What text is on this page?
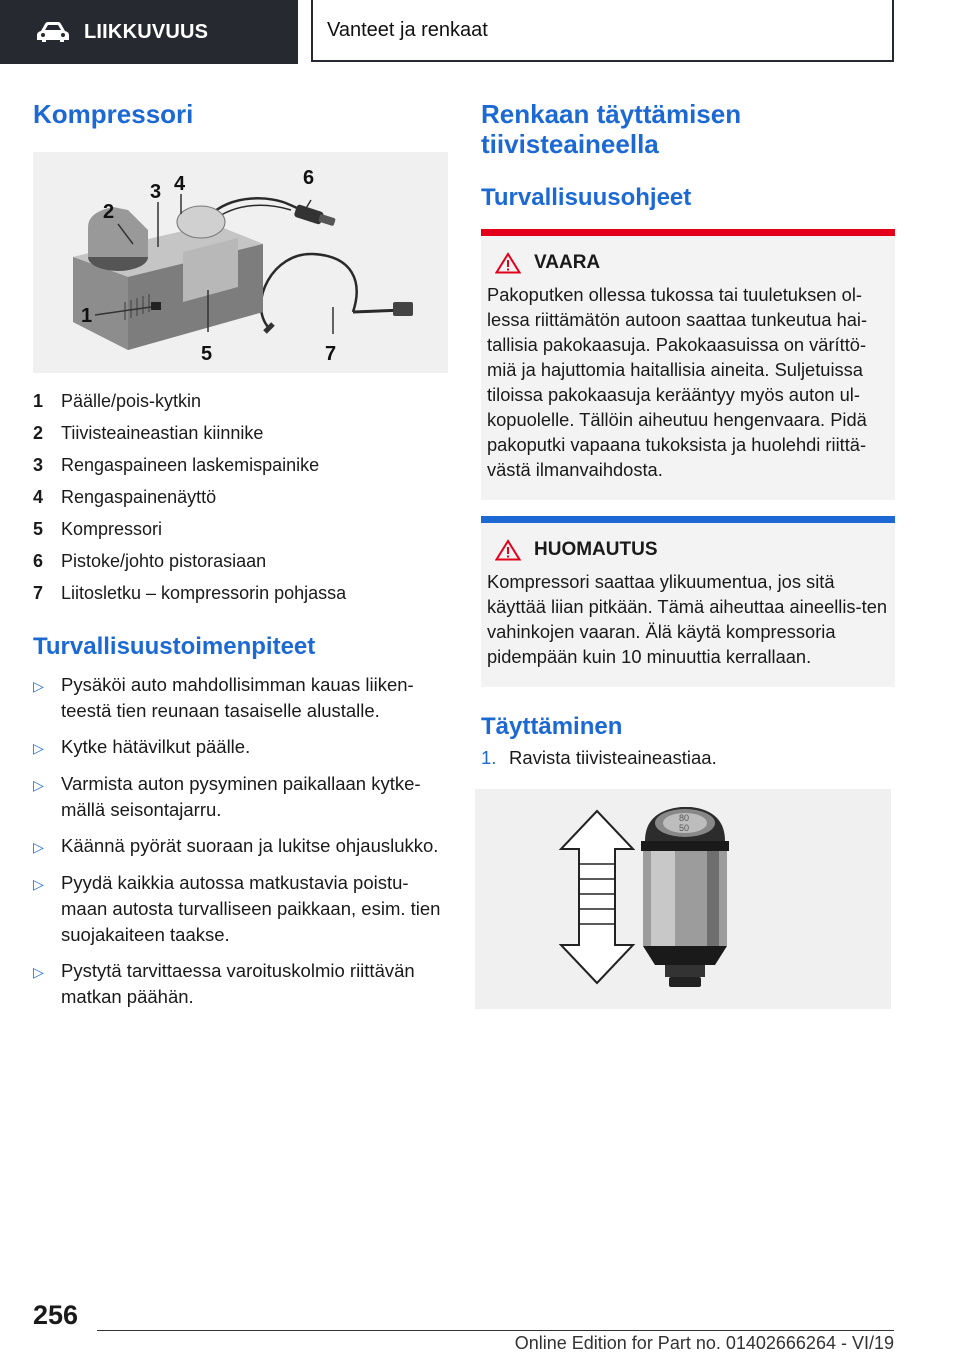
LIIKKUVUUS	Vanteet ja renkaat
Kompressori
1
2
3 4
5
6
7
1 Päälle/pois-kytkin
2 Tiivisteaineastian kiinnike
3 Rengaspaineen laskemispainike
4 Rengaspainenäyttö
5 Kompressori
6 Pistoke/johto pistorasiaan
7 Liitosletku – kompressorin pohjassa
Turvallisuustoimenpiteet
▷ Pysäköi auto mahdollisimman kauas liiken-teestä tien reunaan tasaiselle alustalle.
▷ Kytke hätävilkut päälle.
▷ Varmista auton pysyminen paikallaan kytke-mällä seisontajarru.
▷ Käännä pyörät suoraan ja lukitse ohjauslukko.
▷ Pyydä kaikkia autossa matkustavia poistu-maan autosta turvalliseen paikkaan, esim. tien suojakaiteen taakse.
▷ Pystytä tarvittaessa varoituskolmio riittävän matkan päähän.
Renkaan täyttämisen
tiivisteaineella
Turvallisuusohjeet
VAARA

Pakoputken ollessa tukossa tai tuuletuksen ol-lessa riittämätön autoon saattaa tunkeutua hai-tallisia pakokaasuja. Pakokaasuissa on väríttö-miä ja hajuttomia haitallisia aineita. Suljetuissa tiloissa pakokaasuja kerääntyy myös auton ul-kopuolelle. Tällöin aiheutuu hengenvaara. Pidä pakoputki vapaana tukoksista ja huolehdi riittä-västä ilmanvaihdosta.

HUOMAUTUS

Kompressori saattaa ylikuumentua, jos sitä käyttää liian pitkään. Tämä aiheuttaa aineellis-ten vahinkojen vaaran. Älä käytä kompressoria pidempään kuin 10 minuuttia kerrallaan.

Täyttäminen
1. Ravista tiivisteaineastiaa.
80
50
256
Online Edition for Part no. 01402666264 - VI/19
